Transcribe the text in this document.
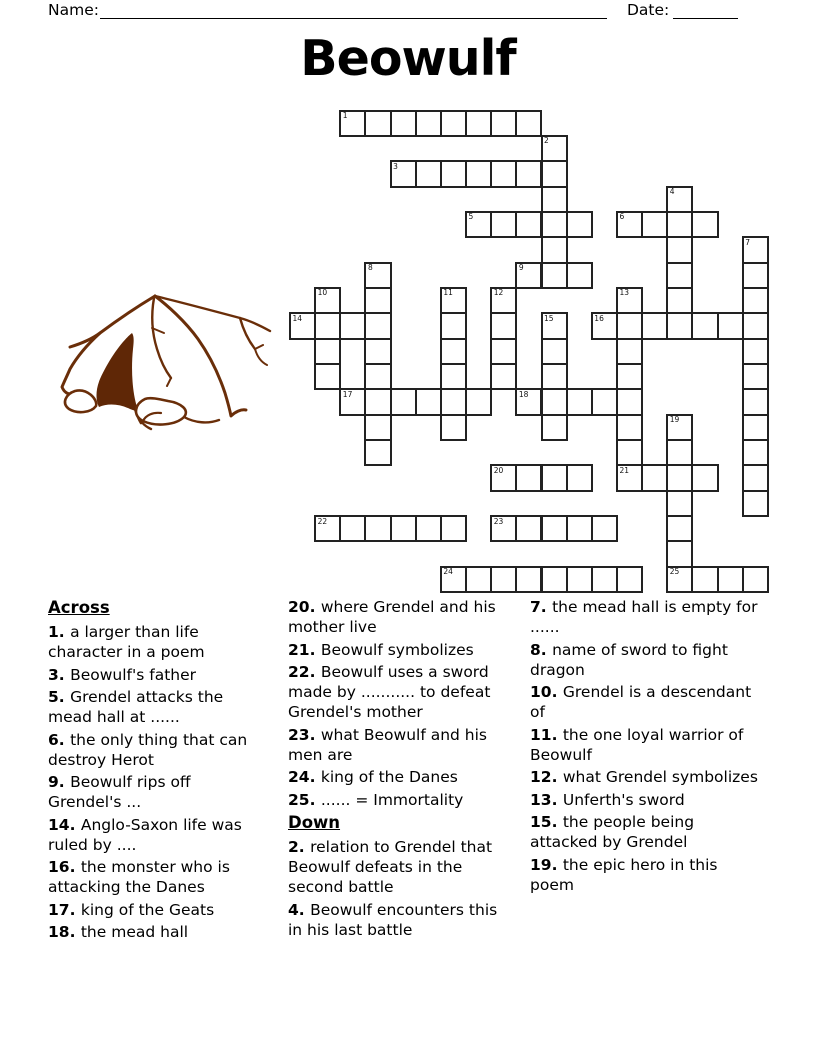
Name:	Date:
Beowulf
1
2
3
4
5	6
7
8	9
10	11	12	13
14	15	16
17	18
19
20	21
22	23
24	25
Across
1. a larger than life character in a poem
3. Beowulf's father
5. Grendel attacks the mead hall at ......
6. the only thing that can destroy Herot
9. Beowulf rips off Grendel's ...
14. Anglo-Saxon life was ruled by ....
16. the monster who is attacking the Danes
17. king of the Geats
18. the mead hall
20. where Grendel and his mother live
21. Beowulf symbolizes
22. Beowulf uses a sword made by ........... to defeat Grendel's mother
23. what Beowulf and his men are
24. king of the Danes
25. ...... = Immortality
Down
2. relation to Grendel that Beowulf defeats in the second battle
4. Beowulf encounters this in his last battle
7. the mead hall is empty for ......
8. name of sword to fight dragon
10. Grendel is a descendant of
11. the one loyal warrior of Beowulf
12. what Grendel symbolizes
13. Unferth's sword
15. the people being attacked by Grendel
19. the epic hero in this poem
